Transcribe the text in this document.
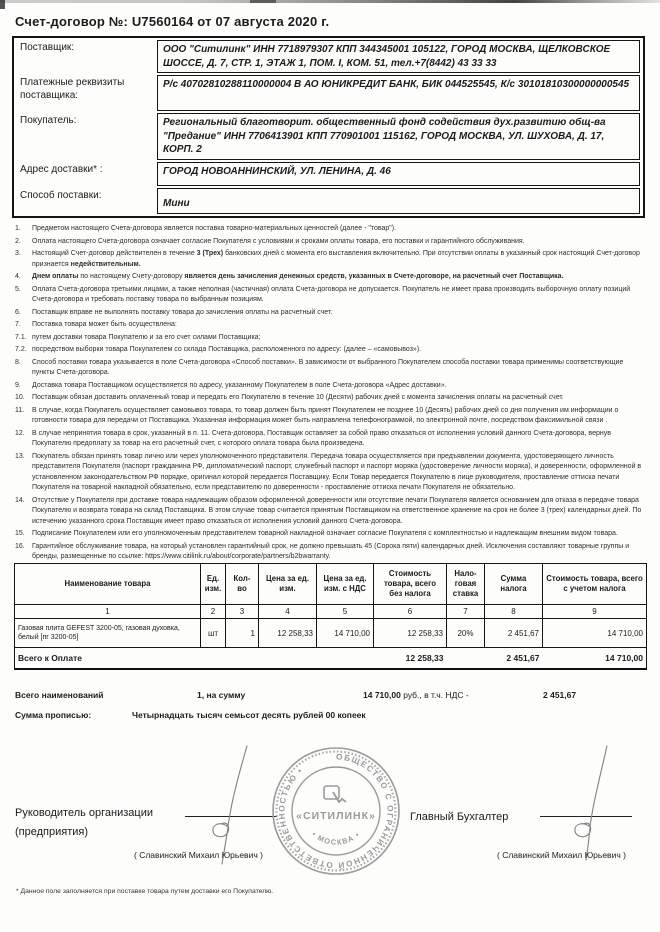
Счет-договор №: U7560164 от 07 августа 2020 г.
Поставщик:	ООО "Ситилинк" ИНН 7718979307 КПП 344345001 105122, ГОРОД МОСКВА, ЩЕЛКОВСКОЕ ШОССЕ, Д. 7, СТР. 1, ЭТАЖ 1, ПОМ. I, КОМ. 51, тел.+7(8442) 43 33 33
Платежные реквизиты поставщика:
Р/с 40702810288110000004 В АО ЮНИКРЕДИТ БАНК, БИК 044525545, К/с 30101810300000000545
Покупатель:	Региональный благотворит. общественный фонд содействия дух.развитию общ-ва "Предание" ИНН 7706413901 КПП 770901001 115162, ГОРОД МОСКВА, УЛ. ШУХОВА, Д. 17, КОРП. 2
Адрес доставки* :	ГОРОД НОВОАННИНСКИЙ, УЛ. ЛЕНИНА, Д. 46
Способ поставки:
Мини
1.	Предметом настоящего Счета-договора является поставка товарно-материальных ценностей (далее - "товар").
2.	Оплата настоящего Счета-договора означает согласие Покупателя с условиями и сроками оплаты товара, его поставки и гарантийного обслуживания.
3.	Настоящий Счет-договор действителен в течение 3 (Трех) банковских дней с момента его выставления включительно. При отсутствии оплаты в указанный срок настоящий Счет-договор признается недействительным.
4.	Днем оплаты по настоящему Счету-договору является день зачисления денежных средств, указанных в Счете-договоре, на расчетный счет Поставщика.
5.	Оплата Счета-договора третьими лицами, а также неполная (частичная) оплата Счета-договора не допускается. Покупатель не имеет права производить выборочную оплату позиций Счета-договора и требовать поставку товара по выбранным позициям.
6.	Поставщик вправе не выполнять поставку товара до зачисления оплаты на расчетный счет.
7.	Поставка товара может быть осуществлена:
7.1. путем доставки товара Покупателю и за его счет силами Поставщика;
7.2. посредством выборки товара Покупателем со склада Поставщика, расположенного по адресу: (далее – «самовывоз»).
8.	Способ поставки товара указывается в поле Счета-договора «Способ поставки». В зависимости от выбранного Покупателем способа поставки товара применимы соответствующие пункты Счета-договора.
9.	Доставка товара Поставщиком осуществляется по адресу, указанному Покупателем в поле Счета-договора «Адрес доставки».
10.	Поставщик обязан доставить оплаченный товар и передать его Покупателю в течение 10 (Десяти) рабочих дней с момента зачисления оплаты на расчетный счет.
11.	В случае, когда Покупатель осуществляет самовывоз товара, то товар должен быть принят Покупателем не позднее 10 (Десять) рабочих дней со дня получения им информации о готовности товара для передачи от Поставщика. Указанная информация может быть направлена телефонограммой, по электронной почте, посредством факсимильной связи .
12.	В случае непринятия товара в срок, указанный в п. 11. Счета-договора, Поставщик оставляет за собой право отказаться от исполнения условий данного Счета-договора, вернув Покупателю предоплату за товар на его расчетный счет, с которого оплата товара была произведена.
13.	Покупатель обязан принять товар лично или через уполномоченного представителя. Передача товара осуществляется при предъявлении документа, удостоверяющего личность представителя Покупателя (паспорт гражданина РФ, дипломатический паспорт, служебный паспорт и паспорт моряка (удостоверение личности моряка), и доверенности, оформленной в установленном законодательством РФ порядке, оригинал которой передается Поставщику. Если Товар передается Покупателю в лице руководителя, проставление оттиска печати Покупателя на товарной накладной обязательно, если представителю по доверенности - проставление оттиска печати Покупателя не обязательно.
14.	Отсутствие у Покупателя при доставке товара надлежащим образом оформленной доверенности или отсутствие печати Покупателя является основанием для отказа в передаче товара Покупателю и возврата товара на склад Поставщика. В этом случае товар считается принятым Поставщиком на ответственное хранение на срок не более 3 (трех) календарных дней. По истечению указанного срока Поставщик имеет право отказаться от исполнения условий данного Счета-договора.
15.	Подписание Покупателем или его уполномоченным представителем товарной накладной означает согласие Покупателя с комплектностью и надлежащим внешним видом товара.
16.	Гарантийное обслуживание товара, на который установлен гарантийный срок, не должно превышать 45 (Сорока пяти) календарных дней. Исключения составляют товарные группы и бренды, размещенные по ссылке: https://www.citilink.ru/about/corporate/partners/b2bwarranty.
Наименование товара	Ед. изм.	Кол-во	Цена за ед. изм.	Цена за ед. изм. с НДС	Стоимость товара, всего без налога	Нало-говая ставка	Сумма налога	Стоимость товара, всего с учетом налога
1	2	3	4	5	6	7	8	9
Газовая плита GEFEST 3200-05, газовая духовка, белый [пг 3200-05]	шт	1	12 258,33	14 710,00	12 258,33	20%	2 451,67	14 710,00
Всего к Оплате					12 258,33		2 451,67	14 710,00
Всего наименований	1, на сумму	14 710,00 руб., в т.ч. НДС -	2 451,67
Сумма прописью:	Четырнадцать тысяч семьсот десять рублей 00 копеек
Руководитель организации
(предприятия)
Главный Бухгалтер
( Славинский Михаил Юрьевич )	( Славинский Михаил Юрьевич )
ОБЩЕСТВО С ОГРАНИЧЕННОЙ ОТВЕТСТВЕННОСТЬЮ •
«СИТИЛИНК»
• МОСКВА •
* Данное поле заполняется при поставке товара путем доставки его Покупателю.
